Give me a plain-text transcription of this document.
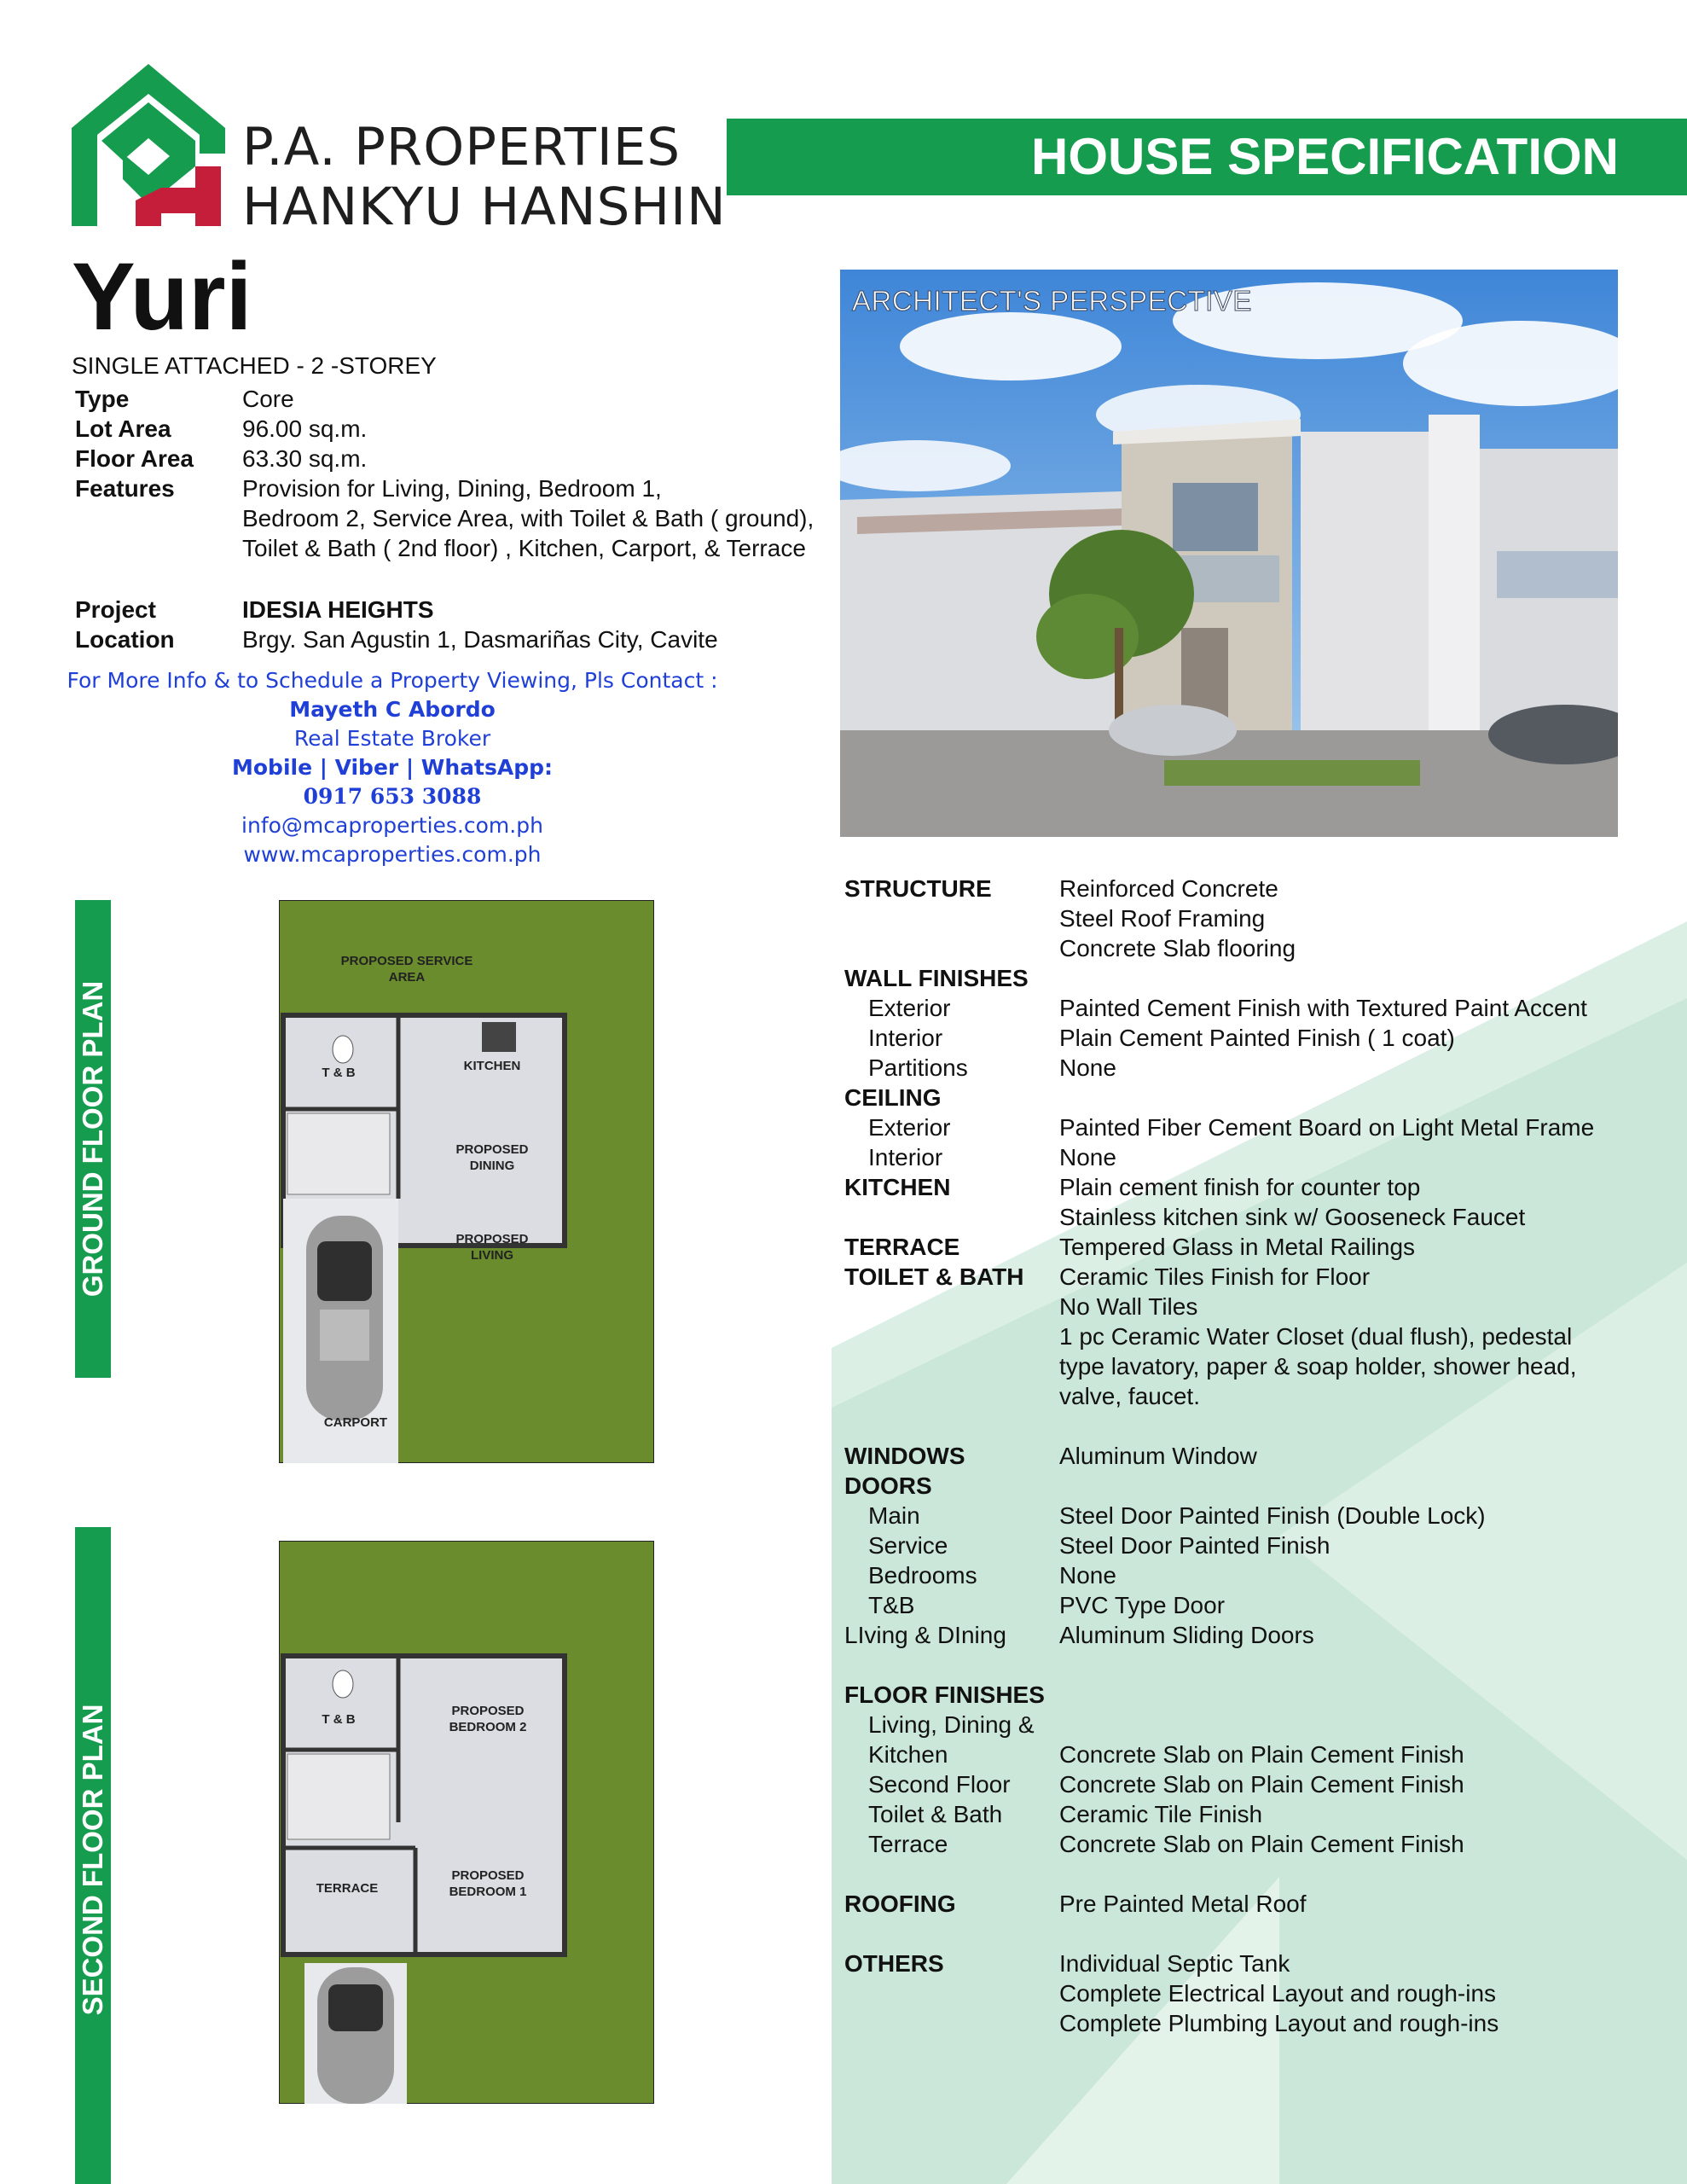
P.A. PROPERTIES
HANKYU HANSHIN
HOUSE SPECIFICATION
Yuri
SINGLE ATTACHED - 2 -STOREY
Type	Core
Lot Area	96.00 sq.m.
Floor Area 63.30 sq.m.
Features	Provision for Living, Dining, Bedroom 1,
Bedroom 2, Service Area, with Toilet & Bath ( ground),
Toilet & Bath ( 2nd floor) , Kitchen, Carport, & Terrace
Project	IDESIA HEIGHTS
Location	Brgy. San Agustin 1, Dasmariñas City, Cavite
For More Info & to Schedule a Property Viewing, Pls Contact :
Mayeth C Abordo
Real Estate Broker
Mobile | Viber | WhatsApp:
0917 653 3088
info@mcaproperties.com.ph
www.mcaproperties.com.ph
ARCHITECT'S PERSPECTIVE
GROUND FLOOR PLAN
SECOND FLOOR PLAN
PROPOSED SERVICE AREA
T & B	KITCHEN
PROPOSED DINING
PROPOSED LIVING
CARPORT
T & B
PROPOSED BEDROOM 2
TERRACE
PROPOSED BEDROOM 1
STRUCTURE	Reinforced Concrete
Steel Roof Framing
Concrete Slab flooring
WALL FINISHES
Exterior	Painted Cement Finish with Textured Paint Accent
Interior	Plain Cement Painted Finish ( 1 coat)
Partitions	None
CEILING
Exterior	Painted Fiber Cement Board on Light Metal Frame
Interior	None
KITCHEN	Plain cement finish for counter top
Stainless kitchen sink w/ Gooseneck Faucet
TERRACE	Tempered Glass in Metal Railings
TOILET & BATH Ceramic Tiles Finish for Floor
No Wall Tiles
1 pc Ceramic Water Closet (dual flush), pedestal
type lavatory, paper & soap holder, shower head,
valve, faucet.
WINDOWS	Aluminum Window
DOORS
Main	Steel Door Painted Finish (Double Lock)
Service	Steel Door Painted Finish
Bedrooms	None
T&B	PVC Type Door
LIving & DIning Aluminum Sliding Doors
FLOOR FINISHES
Living, Dining &
Kitchen	Concrete Slab on Plain Cement Finish
Second Floor Concrete Slab on Plain Cement Finish
Toilet & Bath Ceramic Tile Finish
Terrace	Concrete Slab on Plain Cement Finish
ROOFING	Pre Painted Metal Roof
OTHERS	Individual Septic Tank
Complete Electrical Layout and rough-ins
Complete Plumbing Layout and rough-ins
